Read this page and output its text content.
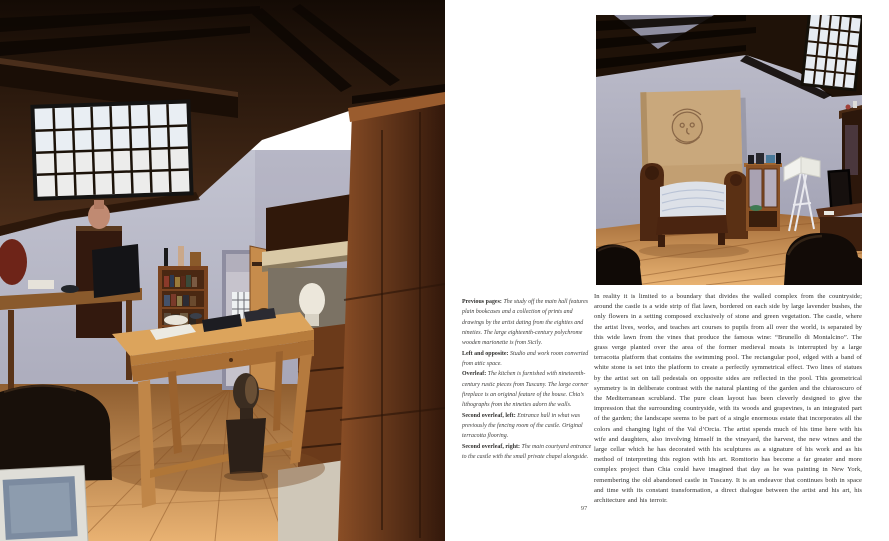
Previous pages: The study off the main hall features plain bookcases and a collection of prints and drawings by the artist dating from the eighties and nineties. The large eighteenth-century polychrome wooden marionette is from Sicily.

Left and opposite: Studio and work room converted from attic space.

Overleaf: The kitchen is furnished with nineteenth-century rustic pieces from Tuscany. The large corner fireplace is an original feature of the house. Chia’s lithographs from the nineties adorn the walls.

Second overleaf, left: Entrance hall in what was previously the fencing room of the castle. Original terracotta flooring.

Second overleaf, right: The main courtyard entrance to the castle with the small private chapel alongside.

In reality it is limited to a boundary that divides the walled complex from the countryside; around the castle is a wide strip of flat lawn, bordered on each side by large lavender bushes, the only flowers in a setting composed exclusively of stone and green vegetation. The castle, where the artist lives, works, and teaches art courses to pupils from all over the world, is separated by this wide lawn from the vines that produce the famous wine: “Brunello di Montalcino”. The grass verge planted over the area of the former medieval moats is interrupted by a large terracotta platform that contains the swimming pool. The rectangular pool, edged with a band of white stone is set into the platform to create a perfectly symmetrical effect. Two lines of statues by the artist set on tall pedestals on opposite sides are reflected in the pool. This geometrical symmetry is in deliberate contrast with the natural planting of the garden and the chiaroscuro of the Mediterranean scrubland. The pure clean layout has been cleverly designed to give the impression that the surrounding countryside, with its woods and grapevines, is an integrated part of the garden; the landscape seems to be part of a single enormous estate that incorporates all the colors and changing light of the Val d’Orcia. The artist spends much of his time here with his wife and daughters, also involving himself in the vineyard, the harvest, the new wines and the large cellar which he has decorated with his sculptures as a signature of his work and as his method of interpreting this region with his art. Romitorio has become a far greater and more complex project than Chia could have imagined that day as he was painting in New York, remembering the old abandoned castle in Tuscany. It is an endeavor that continues both in space and time with its constant transformation, a direct dialogue between the artist and his art, his architecture and his terroir.

97
